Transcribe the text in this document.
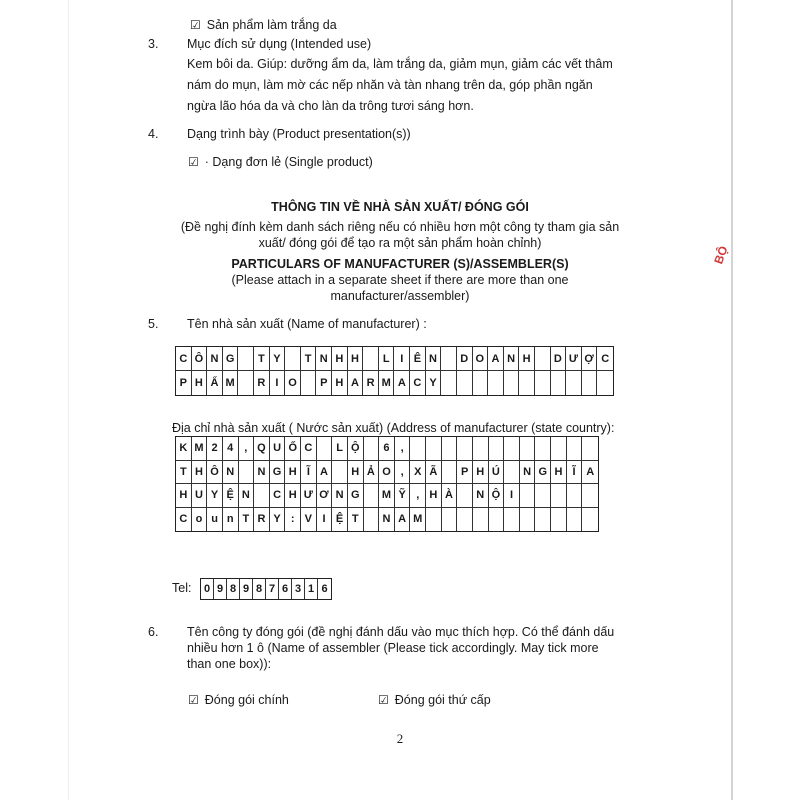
☑ Sản phẩm làm trắng da
3. Mục đích sử dụng (Intended use)
Kem bôi da. Giúp: dưỡng ẩm da, làm trắng da, giảm mụn, giảm các vết thâm
nám do mụn, làm mờ các nếp nhăn và tàn nhang trên da, góp phần ngăn
ngừa lão hóa da và cho làn da trông tươi sáng hơn.
4. Dạng trình bày (Product presentation(s))
☑ · Dạng đơn lẻ (Single product)
THÔNG TIN VỀ NHÀ SẢN XUẤT/ ĐÓNG GÓI
(Đề nghị đính kèm danh sách riêng nếu có nhiều hơn một công ty tham gia sản
xuất/ đóng gói để tạo ra một sản phẩm hoàn chỉnh)
PARTICULARS OF MANUFACTURER (S)/ASSEMBLER(S)
(Please attach in a separate sheet if there are more than one
manufacturer/assembler)
5. Tên nhà sản xuất (Name of manufacturer) :
C Ô N G	T Y	T N H H	L I Ê N	D O A N H	D Ư Ợ C
P H Ẩ M	R I O	P H A R M A C Y
Địa chỉ nhà sản xuất ( Nước sản xuất) (Address of manufacturer (state country):
K M 2 4	, Q U Ố C	L Ộ	6	,
T H Ô N	N G H Ĩ A	H Ả O , X Ã	P H Ú	N G H Ĩ A
H U Y Ệ N	C H Ư Ơ N G	M Ỹ , H À	N Ộ I
C o u n T R Y : V I Ệ T	N A M
Tel: 0 9 8 9 8 7 6 3 1 6
6. Tên công ty đóng gói (đề nghị đánh dấu vào mục thích hợp. Có thể đánh dấu
nhiều hơn 1 ô (Name of assembler (Please tick accordingly. May tick more
than one box)):
☑ Đóng gói chính	☑ Đóng gói thứ cấp
2
BỘ
